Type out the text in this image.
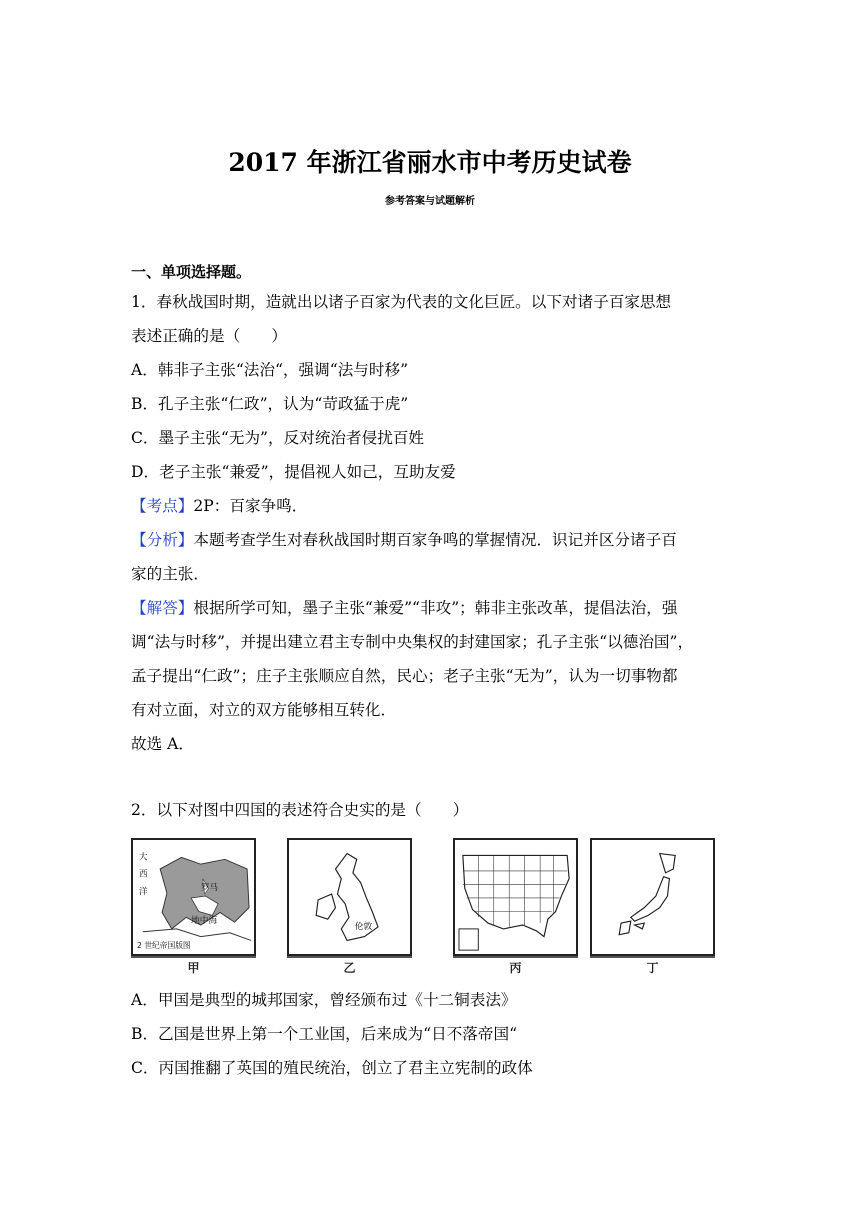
2017 年浙江省丽水市中考历史试卷
参考答案与试题解析
一、单项选择题。
1．春秋战国时期，造就出以诸子百家为代表的文化巨匠。以下对诸子百家思想
表述正确的是（　　）
A．韩非子主张“法治“，强调“法与时移”
B．孔子主张“仁政”，认为“苛政猛于虎”
C．墨子主张“无为”，反对统治者侵扰百姓
D．老子主张“兼爱”，提倡视人如己，互助友爱
【考点】2P：百家争鸣．
【分析】本题考查学生对春秋战国时期百家争鸣的掌握情况．识记并区分诸子百
家的主张．
【解答】根据所学可知，墨子主张“兼爱”“非攻”；韩非主张改革，提倡法治，强
调“法与时移”，并提出建立君主专制中央集权的封建国家；孔子主张“以德治国”，
孟子提出“仁政”；庄子主张顺应自然，民心；老子主张“无为”，认为一切事物都
有对立面，对立的双方能够相互转化．
故选 A．
2．以下对图中四国的表述符合史实的是（　　）
大
西
洋	罗马
地中海
2 世纪帝国版图
伦敦
甲	乙	丙	丁
A．甲国是典型的城邦国家，曾经颁布过《十二铜表法》
B．乙国是世界上第一个工业国，后来成为“日不落帝国“
C．丙国推翻了英国的殖民统治，创立了君主立宪制的政体
